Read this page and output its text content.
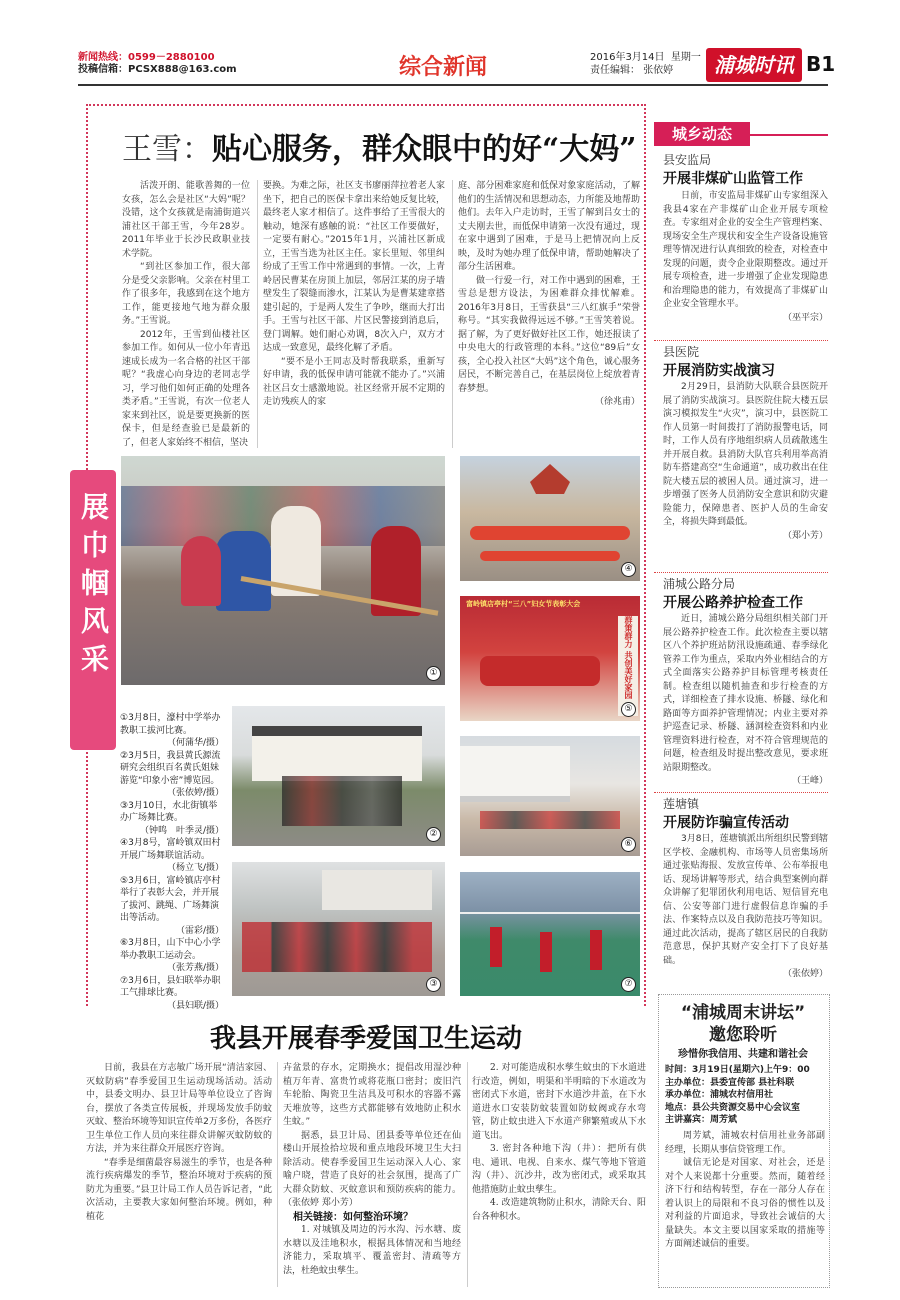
新闻热线：0599－2880100
投稿信箱：PCSX888@163.com	综合新闻	2016年3月14日 星期一
责任编辑： 张依婷	浦城时讯 B1
王雪：贴心服务，群众眼中的好“大妈”

活泼开朗、能歌善舞的一位女孩，怎么会是社区“大妈”呢？没错，这个女孩就是南浦街道兴浦社区干部王雪，今年28岁。2011年毕业于长沙民政职业技术学院。

“到社区参加工作，很大部分是受父亲影响。父亲在村里工作了很多年，我感到在这个地方工作，能更接地气地为群众服务。”王雪说。

2012年，王雪到仙楼社区参加工作。如何从一位小年青迅速成长成为一名合格的社区干部呢？“我虚心向身边的老同志学习，学习他们如何正确的处理各类矛盾。”王雪说，有次一位老人家来到社区，说是要更换新的医保卡，但是经查验已是最新的了，但老人家始终不相信，坚决

要换。为难之际，社区支书廖丽萍拉着老人家坐下，把自己的医保卡拿出来给她反复比较，最终老人家才相信了。这件事给了王雪很大的触动，她深有感触的说：“社区工作要做好，一定要有耐心。”2015年1月，兴浦社区新成立，王雪当选为社区主任。家长里短、邻里纠纷成了王雪工作中常遇到的事情。一次，上青岭居民曹某在房顶上加层，邻居江某的房子墙壁发生了裂缝而渗水，江某认为是曹某建章搭建引起的，于是两人发生了争吵，继而大打出手。王雪与社区干部、片区民警接到消息后，登门调解。她们耐心劝调，8次入户，双方才达成一致意见，最终化解了矛盾。

“要不是小王同志及时帮我联系，重新写好申请，我的低保申请可能就不能办了。”兴浦社区吕女士感激地说。社区经常开展不定期的走访残疾人的家

庭、部分困难家庭和低保对象家庭活动，了解他们的生活情况和思想动态，力所能及地帮助他们。去年入户走访时，王雪了解到吕女士的丈夫刚去世，而低保申请第一次没有通过，现在家中遇到了困难，于是马上把情况向上反映，及时为她办理了低保申请，帮助她解决了部分生活困难。

做一行爱一行，对工作中遇到的困难，王雪总是想方设法，为困难群众排忧解难。2016年3月8日，王雪获县“三八红旗手”荣誉称号。“其实我做得远远不够。”王雪笑着说。据了解，为了更好做好社区工作，她还报读了中央电大的行政管理的本科。”这位“89后”女孩，全心投入社区“大妈”这个角色，诚心服务居民，不断完善自己，在基层岗位上绽放着青春梦想。

（徐兆甫）
展巾帼风采	①
④
富岭镇店亭村“三八”妇女节表彰大会
群策群力 共创美好家园
⑤
①3月8日，濠村中学举办教职工拔河比赛。
（何蒲华/摄）
②3月5日，我县黄氏源流研究会组织百名黄氏姐妹游览“印象小密”博览园。
（张依婷/摄）
③3月10日，水北街镇举办广场舞比赛。
（钟鸣　叶季灵/摄）
④3月8号，富岭镇双田村开展广场舞联谊活动。
（杨立飞/摄）
⑤3月6日，富岭镇店亭村举行了表彰大会，并开展了拔河、跳绳、广场舞演出等活动。
（雷彩/摄）
⑥3月8日，山下中心小学举办教职工运动会。
（张芳燕/摄）
⑦3月6日，县妇联举办职工气排球比赛。
（县妇联/摄）
②
⑥
③	⑦
城乡动态
县安监局
开展非煤矿山监管工作

日前，市安监局非煤矿山专家组深入我县4家在产非煤矿山企业开展专项检查。专家组对企业的安全生产管理档案、现场安全生产现状和安全生产设备设施管理等情况进行认真细致的检查，对检查中发现的问题，责令企业限期整改。通过开展专项检查，进一步增强了企业发现隐患和治理隐患的能力，有效提高了非煤矿山企业安全管理水平。

（巫平宗）
县医院
开展消防实战演习

2月29日，县消防大队联合县医院开展了消防实战演习。县医院住院大楼五层演习模拟发生“火灾”，演习中，县医院工作人员第一时间拨打了消防报警电话，同时，工作人员有序地组织病人员疏散逃生并开展自救。县消防大队官兵利用举高消防车搭建高空“生命通道”，成功救出在住院大楼五层的被困人员。通过演习，进一步增强了医务人员消防安全意识和防灾避险能力，保障患者、医护人员的生命安全，将损失降到最低。

（郑小芳）
浦城公路分局
开展公路养护检查工作

近日，浦城公路分局组织相关部门开展公路养护检查工作。此次检查主要以辖区八个养护班站防汛设施疏通、春季绿化管养工作为重点，采取内外业相结合的方式全面落实公路养护目标管理考核责任制。检查组以随机抽查和步行检查的方式，详细检查了排水设施、桥隧、绿化和路面等方面养护管理情况；内业主要对养护巡查记录、桥隧、涵洞检查资料和内业管理资料进行检查，对不符合管理规范的问题，检查组及时提出整改意见，要求班站限期整改。

（王峰）
莲塘镇
开展防诈骗宣传活动

3月8日，莲塘镇派出所组织民警到辖区学校、金融机构、市场等人员密集场所通过张贴海报、发放宣传单、公布举报电话、现场讲解等形式，结合典型案例向群众讲解了犯罪团伙利用电话、短信冒充电信、公安等部门进行虚假信息诈骗的手法、作案特点以及自我防范技巧等知识。通过此次活动，提高了辖区居民的自我防范意思，保护其财产安全打下了良好基础。

（张依婷）
“浦城周末讲坛”
邀您聆听
珍惜你我信用、共建和谐社会
时间：3月19日(星期六)上午9：00
主办单位：县委宣传部 县社科联
承办单位：浦城农村信用社
地点：县公共资源交易中心会议室
主讲嘉宾：周芳斌

周芳斌，浦城农村信用社业务部副经理，长期从事信贷管理工作。

诚信无论是对国家、对社会，还是对个人来说都十分重要。然而，随着经济下行和结构转型，存在一部分人存在着认识上的局限和不良习俗的惯性以及对利益的片面追求，导致社会诚信的大量缺失。本文主要以国家采取的措施等方面阐述诚信的重要。

我县开展春季爱国卫生运动

日前，我县在方志敏广场开展“清洁家园、灭蚊防病”春季爱国卫生运动现场活动。活动中，县委文明办、县卫计局等单位设立了咨询台，摆放了各类宣传展板，并现场发放手防蚊灭蚊、整治环境等知识宣传单2万多份，各医疗卫生单位工作人员向来往群众讲解灭蚊防蚊的方法，并为来往群众开展医疗咨询。

“春季是细菌最容易滋生的季节，也是各种流行疾病爆发的季节，整治环境对于疾病的预防尤为重要。”县卫计局工作人员告诉记者，“此次活动，主要教大家如何整治环境。例如，种植花

卉盆景的存水，定期换水；提倡改用湿沙种植万年青、富贵竹或将花瓶口密封；废旧汽车轮胎、陶瓷卫生洁具及可积水的容器不露天堆放等，这些方式都能够有效地防止积水生蚊。”

据悉，县卫计局、团县委等单位还在仙楼山开展捡拾垃圾和重点地段环境卫生大扫除活动。使春季爱国卫生运动深入人心、家喻户晓，营造了良好的社会氛围，提高了广大群众防蚊、灭蚊意识和预防疾病的能力。（张依婷 郑小芳）

相关链接：如何整治环境？

1. 对城镇及周边的污水沟、污水塘、废水塘以及洼地积水，根据具体情况和当地经济能力，采取填平、覆盖密封、清疏等方法，杜绝蚊虫孳生。

2. 对可能造成积水孳生蚊虫的下水道进行改造，例如，明渠和半明暗的下水道改为密闭式下水道，密封下水道沙井盖，在下水道进水口安装防蚊装置如防蚊阀或存水弯管，防止蚊虫进入下水道产卵繁殖或从下水道飞出。

3. 密封各种地下沟（井）：把所有供电、通讯、电视、自来水、煤气等地下管道沟（井）、沉沙井，改为密闭式，或采取其他措施防止蚊虫孳生。

4. 改造建筑物防止积水，清除天台、阳台各种积水。
